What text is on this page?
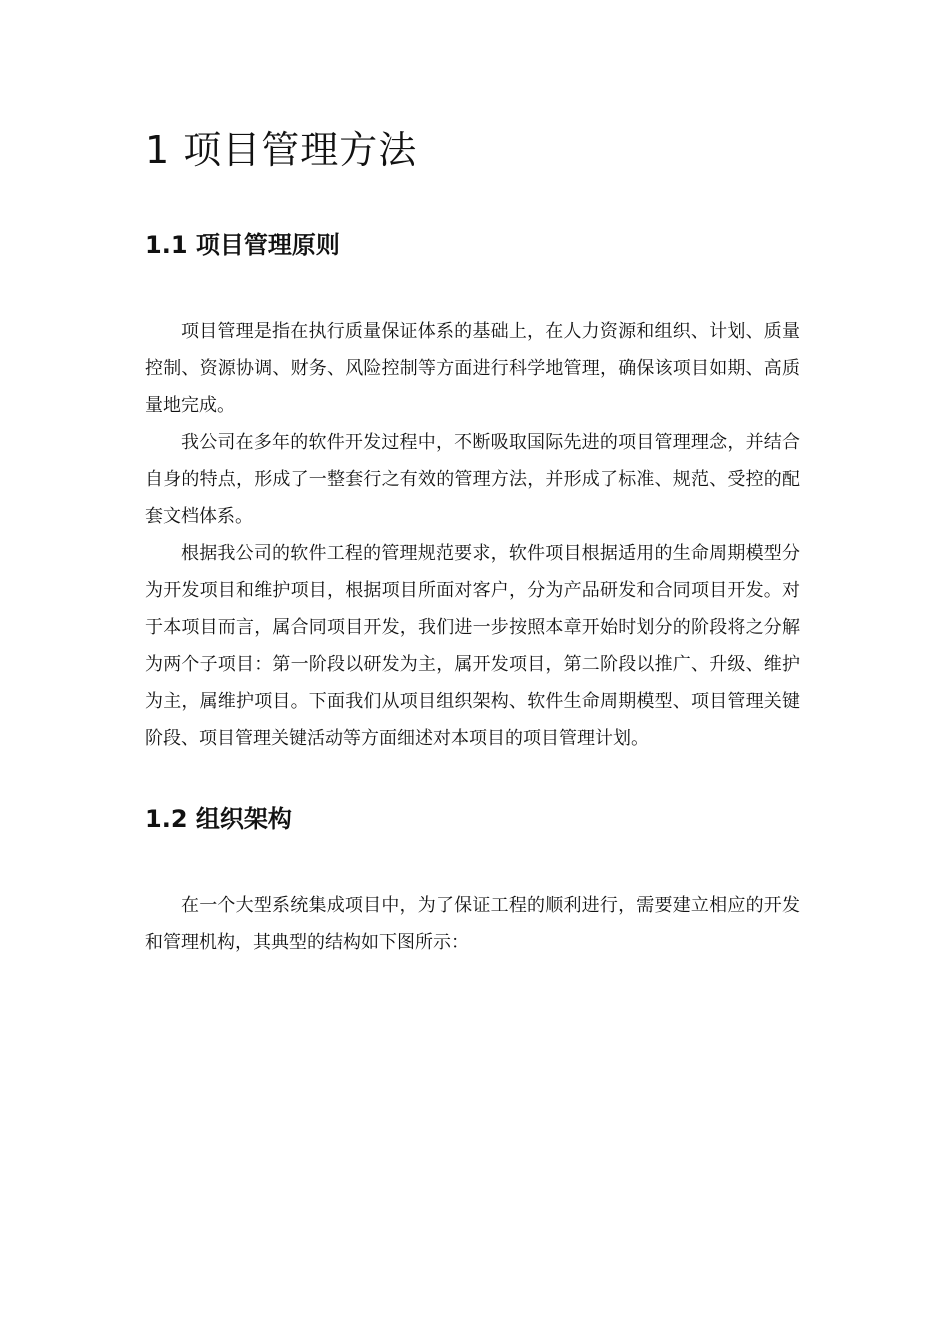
1 项目管理方法
1.1 项目管理原则

项目管理是指在执行质量保证体系的基础上，在人力资源和组织、计划、质量控制、资源协调、财务、风险控制等方面进行科学地管理，确保该项目如期、高质量地完成。

我公司在多年的软件开发过程中，不断吸取国际先进的项目管理理念，并结合自身的特点，形成了一整套行之有效的管理方法，并形成了标准、规范、受控的配套文档体系。

根据我公司的软件工程的管理规范要求，软件项目根据适用的生命周期模型分为开发项目和维护项目，根据项目所面对客户，分为产品研发和合同项目开发。对于本项目而言，属合同项目开发，我们进一步按照本章开始时划分的阶段将之分解为两个子项目：第一阶段以研发为主，属开发项目，第二阶段以推广、升级、维护为主，属维护项目。下面我们从项目组织架构、软件生命周期模型、项目管理关键阶段、项目管理关键活动等方面细述对本项目的项目管理计划。

1.2 组织架构

在一个大型系统集成项目中，为了保证工程的顺利进行，需要建立相应的开发和管理机构，其典型的结构如下图所示：
